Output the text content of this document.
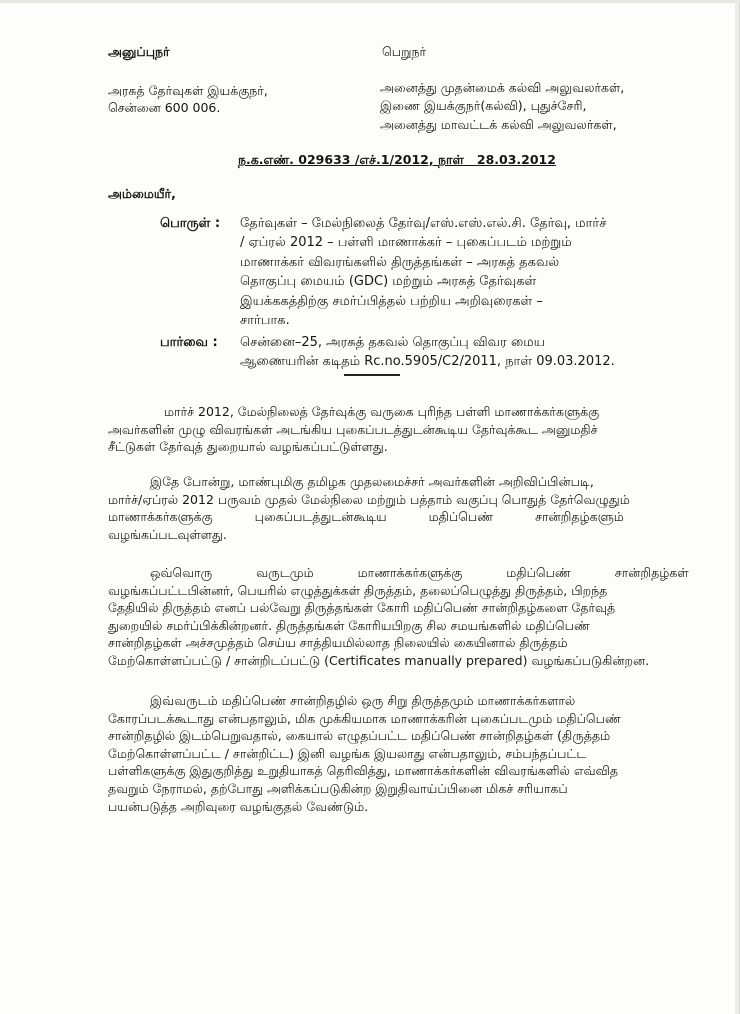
அனுப்புநர்
அரசுத் தேர்வுகள் இயக்குநர்,
சென்னை 600 006.
பெறுநர்
அனைத்து முதன்மைக் கல்வி அலுவலர்கள்,
இணை இயக்குநர்(கல்வி), புதுச்சேரி,
அனைத்து மாவட்டக் கல்வி அலுவலர்கள்,
ந.க.எண். 029633 /எச்.1/2012, நாள் 28.03.2012
அம்மையீர்,
பொருள் : தேர்வுகள் – மேல்நிலைத் தேர்வு/எஸ்.எஸ்.எல்.சி. தேர்வு, மார்ச்
/ ஏப்ரல் 2012 – பள்ளி மாணாக்கர் – புகைப்படம் மற்றும்
மாணாக்கர் விவரங்களில் திருத்தங்கள் – அரசுத் தகவல்
தொகுப்பு மையம் (GDC) மற்றும் அரசுத் தேர்வுகள்
இயக்ககத்திற்கு சமர்ப்பித்தல் பற்றிய அறிவுரைகள் –
சார்பாக.
பார்வை : சென்னை–25, அரசுத் தகவல் தொகுப்பு விவர மைய
ஆணையரின் கடிதம் Rc.no.5905/C2/2011, நாள் 09.03.2012.
மார்ச் 2012, மேல்நிலைத் தேர்வுக்கு வருகை புரிந்த பள்ளி மாணாக்கர்களுக்கு
அவர்களின் முழு விவரங்கள் அடங்கிய புகைப்படத்துடன்கூடிய தேர்வுக்கூட அனுமதிச்
சீட்டுகள் தேர்வுத் துறையால் வழங்கப்பட்டுள்ளது.
இதே போன்று, மாண்புமிகு தமிழக முதலமைச்சர் அவர்களின் அறிவிப்பின்படி,
மார்ச்/ஏப்ரல் 2012 பருவம் முதல் மேல்நிலை மற்றும் பத்தாம் வகுப்பு பொதுத் தேர்வெழுதும்
மாணாக்கர்களுக்கு புகைப்படத்துடன்கூடிய மதிப்பெண் சான்றிதழ்களும்
வழங்கப்படவுள்ளது.
ஒவ்வொரு வருடமும் மாணாக்கர்களுக்கு மதிப்பெண் சான்றிதழ்கள்
வழங்கப்பட்டபின்னர், பெயரில் எழுத்துக்கள் திருத்தம், தலைப்பெழுத்து திருத்தம், பிறந்த
தேதியில் திருத்தம் எனப் பல்வேறு திருத்தங்கள் கோரி மதிப்பெண் சான்றிதழ்களை தேர்வுத்
துறையில் சமர்ப்பிக்கின்றனர். திருத்தங்கள் கோரியபிறகு சில சமயங்களில் மதிப்பெண்
சான்றிதழ்கள் அச்சமுத்தம் செய்ய சாத்தியமில்லாத நிலையில் கையினால் திருத்தம்
மேற்கொள்ளப்பட்டு / சான்றிடப்பட்டு (Certificates manually prepared) வழங்கப்படுகின்றன.
இவ்வருடம் மதிப்பெண் சான்றிதழில் ஒரு சிறு திருத்தமும் மாணாக்கர்களால்
கோரப்படக்கூடாது என்பதாலும், மிக முக்கியமாக மாணாக்கரின் புகைப்படமும் மதிப்பெண்
சான்றிதழில் இடம்பெறுவதால், கையால் எழுதப்பட்ட மதிப்பெண் சான்றிதழ்கள் (திருத்தம்
மேற்கொள்ளப்பட்ட / சான்றிட்ட) இனி வழங்க இயலாது என்பதாலும், சம்பந்தப்பட்ட
பள்ளிகளுக்கு இதுகுறித்து உறுதியாகத் தெரிவித்து, மாணாக்கர்களின் விவரங்களில் எவ்வித
தவறும் நேராமல், தற்போது அளிக்கப்படுகின்ற இறுதிவாய்ப்பினை மிகச் சரியாகப்
பயன்படுத்த அறிவுரை வழங்குதல் வேண்டும்.
